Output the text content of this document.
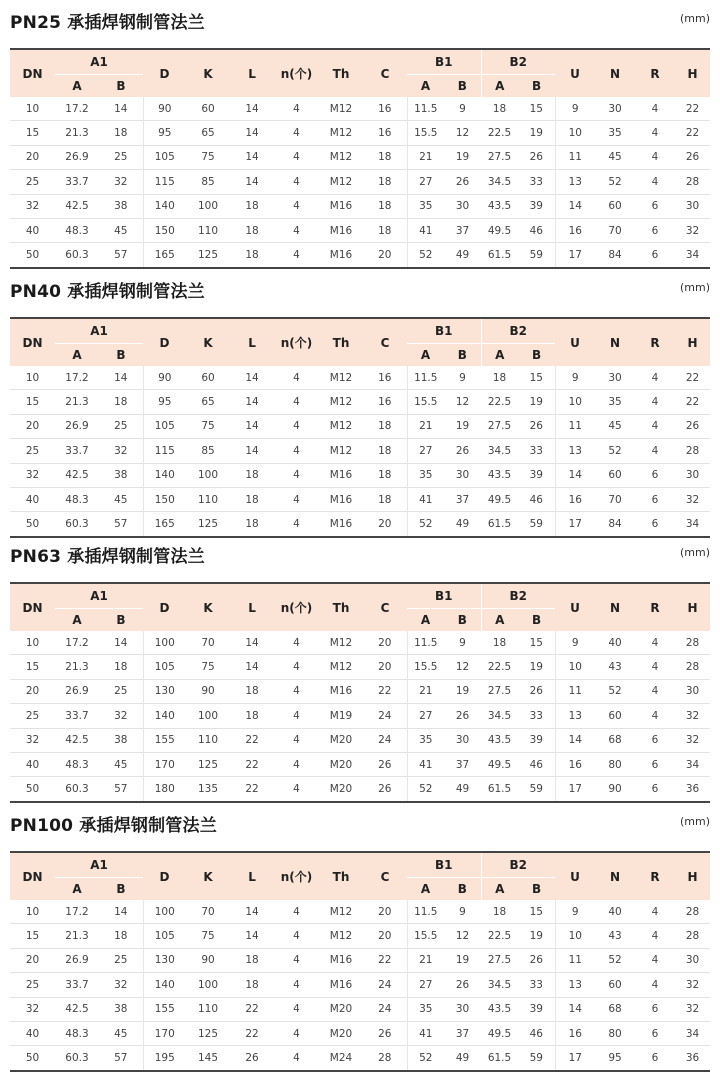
PN25 承插焊钢制管法兰	(mm)
DN	A1		D	K	L	n(个)	Th	C	B1		B2		U	N	R	H
	A	B							A	B	A	B				
10	17.2	14	90	60	14	4	M12	16	11.5	9	18	15	9	30	4	22
15	21.3	18	95	65	14	4	M12	16	15.5	12	22.5	19	10	35	4	22
20	26.9	25	105	75	14	4	M12	18	21	19	27.5	26	11	45	4	26
25	33.7	32	115	85	14	4	M12	18	27	26	34.5	33	13	52	4	28
32	42.5	38	140	100	18	4	M16	18	35	30	43.5	39	14	60	6	30
40	48.3	45	150	110	18	4	M16	18	41	37	49.5	46	16	70	6	32
50	60.3	57	165	125	18	4	M16	20	52	49	61.5	59	17	84	6	34
PN40 承插焊钢制管法兰	(mm)
DN	A1		D	K	L	n(个)	Th	C	B1		B2		U	N	R	H
	A	B							A	B	A	B				
10	17.2	14	90	60	14	4	M12	16	11.5	9	18	15	9	30	4	22
15	21.3	18	95	65	14	4	M12	16	15.5	12	22.5	19	10	35	4	22
20	26.9	25	105	75	14	4	M12	18	21	19	27.5	26	11	45	4	26
25	33.7	32	115	85	14	4	M12	18	27	26	34.5	33	13	52	4	28
32	42.5	38	140	100	18	4	M16	18	35	30	43.5	39	14	60	6	30
40	48.3	45	150	110	18	4	M16	18	41	37	49.5	46	16	70	6	32
50	60.3	57	165	125	18	4	M16	20	52	49	61.5	59	17	84	6	34
PN63 承插焊钢制管法兰	(mm)
DN	A1		D	K	L	n(个)	Th	C	B1		B2		U	N	R	H
	A	B							A	B	A	B				
10	17.2	14	100	70	14	4	M12	20	11.5	9	18	15	9	40	4	28
15	21.3	18	105	75	14	4	M12	20	15.5	12	22.5	19	10	43	4	28
20	26.9	25	130	90	18	4	M16	22	21	19	27.5	26	11	52	4	30
25	33.7	32	140	100	18	4	M19	24	27	26	34.5	33	13	60	4	32
32	42.5	38	155	110	22	4	M20	24	35	30	43.5	39	14	68	6	32
40	48.3	45	170	125	22	4	M20	26	41	37	49.5	46	16	80	6	34
50	60.3	57	180	135	22	4	M20	26	52	49	61.5	59	17	90	6	36
PN100 承插焊钢制管法兰	(mm)
DN	A1		D	K	L	n(个)	Th	C	B1		B2		U	N	R	H
	A	B							A	B	A	B				
10	17.2	14	100	70	14	4	M12	20	11.5	9	18	15	9	40	4	28
15	21.3	18	105	75	14	4	M12	20	15.5	12	22.5	19	10	43	4	28
20	26.9	25	130	90	18	4	M16	22	21	19	27.5	26	11	52	4	30
25	33.7	32	140	100	18	4	M16	24	27	26	34.5	33	13	60	4	32
32	42.5	38	155	110	22	4	M20	24	35	30	43.5	39	14	68	6	32
40	48.3	45	170	125	22	4	M20	26	41	37	49.5	46	16	80	6	34
50	60.3	57	195	145	26	4	M24	28	52	49	61.5	59	17	95	6	36
